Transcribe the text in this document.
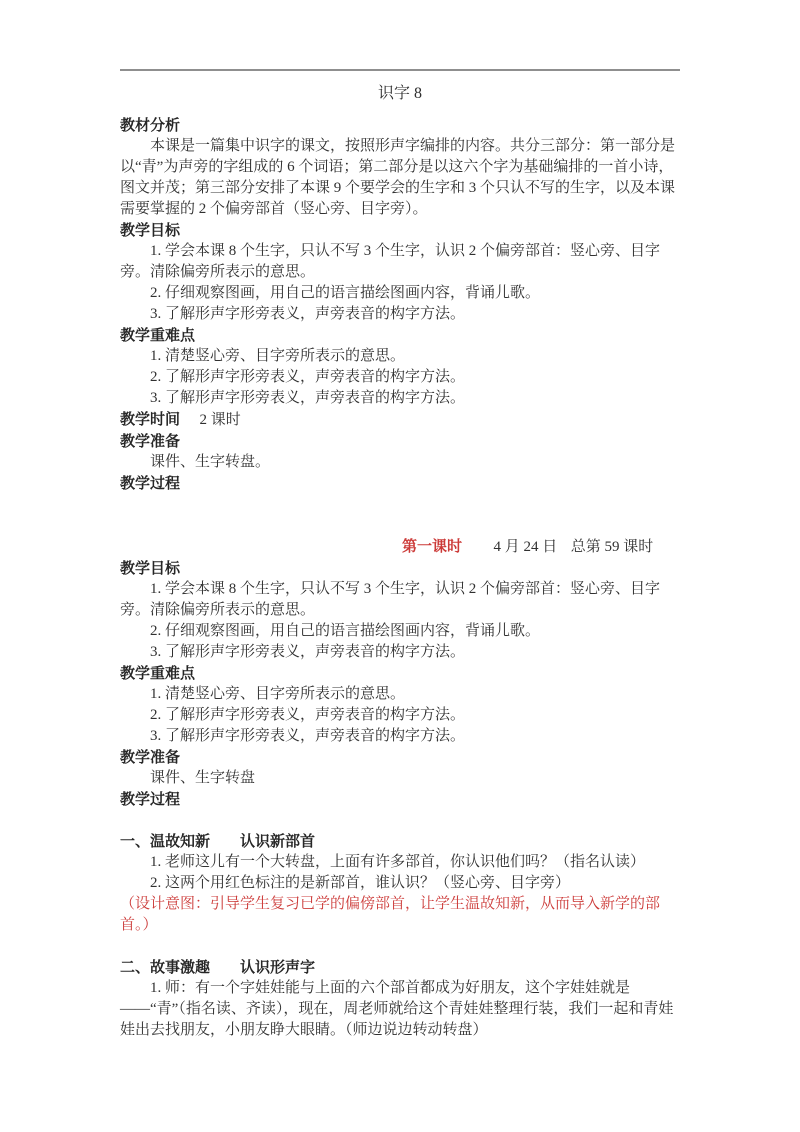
识字 8

教材分析

本课是一篇集中识字的课文，按照形声字编排的内容。共分三部分：第一部分是以“青”为声旁的字组成的 6 个词语；第二部分是以这六个字为基础编排的一首小诗，图文并茂；第三部分安排了本课 9 个要学会的生字和 3 个只认不写的生字，以及本课需要掌握的 2 个偏旁部首（竖心旁、目字旁）。

教学目标

1. 学会本课 8 个生字，只认不写 3 个生字，认识 2 个偏旁部首：竖心旁、目字旁。清除偏旁所表示的意思。

2. 仔细观察图画，用自己的语言描绘图画内容，背诵儿歌。

3. 了解形声字形旁表义，声旁表音的构字方法。

教学重难点

1. 清楚竖心旁、目字旁所表示的意思。

2. 了解形声字形旁表义，声旁表音的构字方法。

3. 了解形声字形旁表义，声旁表音的构字方法。

教学时间 2 课时

教学准备

课件、生字转盘。

教学过程

第一课时 4 月 24 日 总第 59 课时

教学目标

1. 学会本课 8 个生字，只认不写 3 个生字，认识 2 个偏旁部首：竖心旁、目字旁。清除偏旁所表示的意思。

2. 仔细观察图画，用自己的语言描绘图画内容，背诵儿歌。

3. 了解形声字形旁表义，声旁表音的构字方法。

教学重难点

1. 清楚竖心旁、目字旁所表示的意思。

2. 了解形声字形旁表义，声旁表音的构字方法。

3. 了解形声字形旁表义，声旁表音的构字方法。

教学准备

课件、生字转盘

教学过程
一、温故知新　　认识新部首

1. 老师这儿有一个大转盘，上面有许多部首，你认识他们吗？（指名认读）

2. 这两个用红色标注的是新部首，谁认识？（竖心旁、目字旁）

（设计意图：引导学生复习已学的偏傍部首，让学生温故知新，从而导入新学的部首。）

二、故事激趣　　认识形声字

1. 师：有一个字娃娃能与上面的六个部首都成为好朋友，这个字娃娃就是——“青”（指名读、齐读），现在，周老师就给这个青娃娃整理行装，我们一起和青娃娃出去找朋友，小朋友睁大眼睛。（师边说边转动转盘）
